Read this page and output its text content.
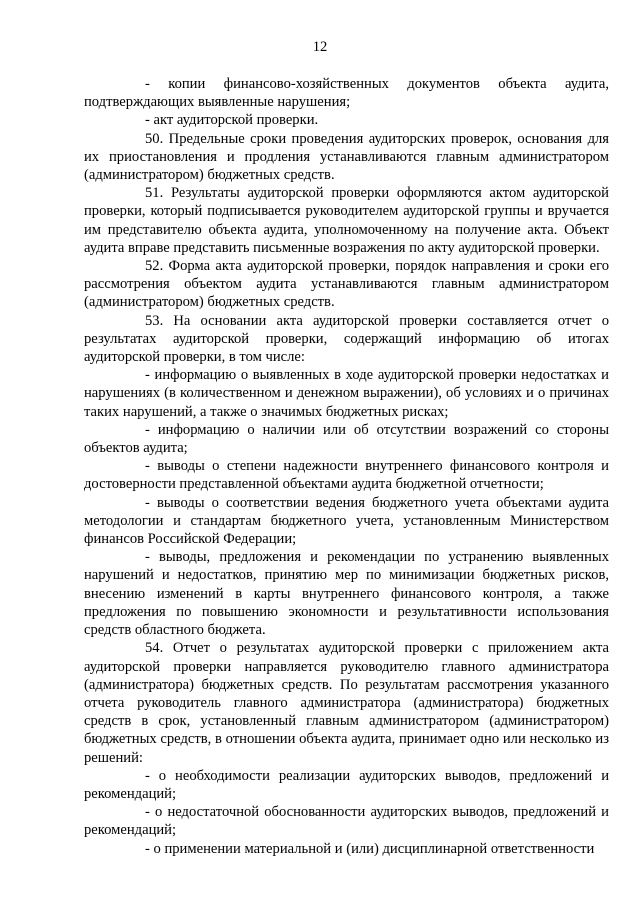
12

- копии финансово-хозяйственных документов объекта аудита, подтверждающих выявленные нарушения;

- акт аудиторской проверки.

50. Предельные сроки проведения аудиторских проверок, основания для их приостановления и продления устанавливаются главным администратором (администратором) бюджетных средств.

51. Результаты аудиторской проверки оформляются актом аудиторской проверки, который подписывается руководителем аудиторской группы и вручается им представителю объекта аудита, уполномоченному на получение акта. Объект аудита вправе представить письменные возражения по акту аудиторской проверки.

52. Форма акта аудиторской проверки, порядок направления и сроки его рассмотрения объектом аудита устанавливаются главным администратором (администратором) бюджетных средств.

53. На основании акта аудиторской проверки составляется отчет о результатах аудиторской проверки, содержащий информацию об итогах аудиторской проверки, в том числе:

- информацию о выявленных в ходе аудиторской проверки недостатках и нарушениях (в количественном и денежном выражении), об условиях и о причинах таких нарушений, а также о значимых бюджетных рисках;

- информацию о наличии или об отсутствии возражений со стороны объектов аудита;

- выводы о степени надежности внутреннего финансового контроля и достоверности представленной объектами аудита бюджетной отчетности;

- выводы о соответствии ведения бюджетного учета объектами аудита методологии и стандартам бюджетного учета, установленным Министерством финансов Российской Федерации;

- выводы, предложения и рекомендации по устранению выявленных нарушений и недостатков, принятию мер по минимизации бюджетных рисков, внесению изменений в карты внутреннего финансового контроля, а также предложения по повышению экономности и результативности использования средств областного бюджета.

54. Отчет о результатах аудиторской проверки с приложением акта аудиторской проверки направляется руководителю главного администратора (администратора) бюджетных средств. По результатам рассмотрения указанного отчета руководитель главного администратора (администратора) бюджетных средств в срок, установленный главным администратором (администратором) бюджетных средств, в отношении объекта аудита, принимает одно или несколько из решений:

- о необходимости реализации аудиторских выводов, предложений и рекомендаций;

- о недостаточной обоснованности аудиторских выводов, предложений и рекомендаций;

- о применении материальной и (или) дисциплинарной ответственности
